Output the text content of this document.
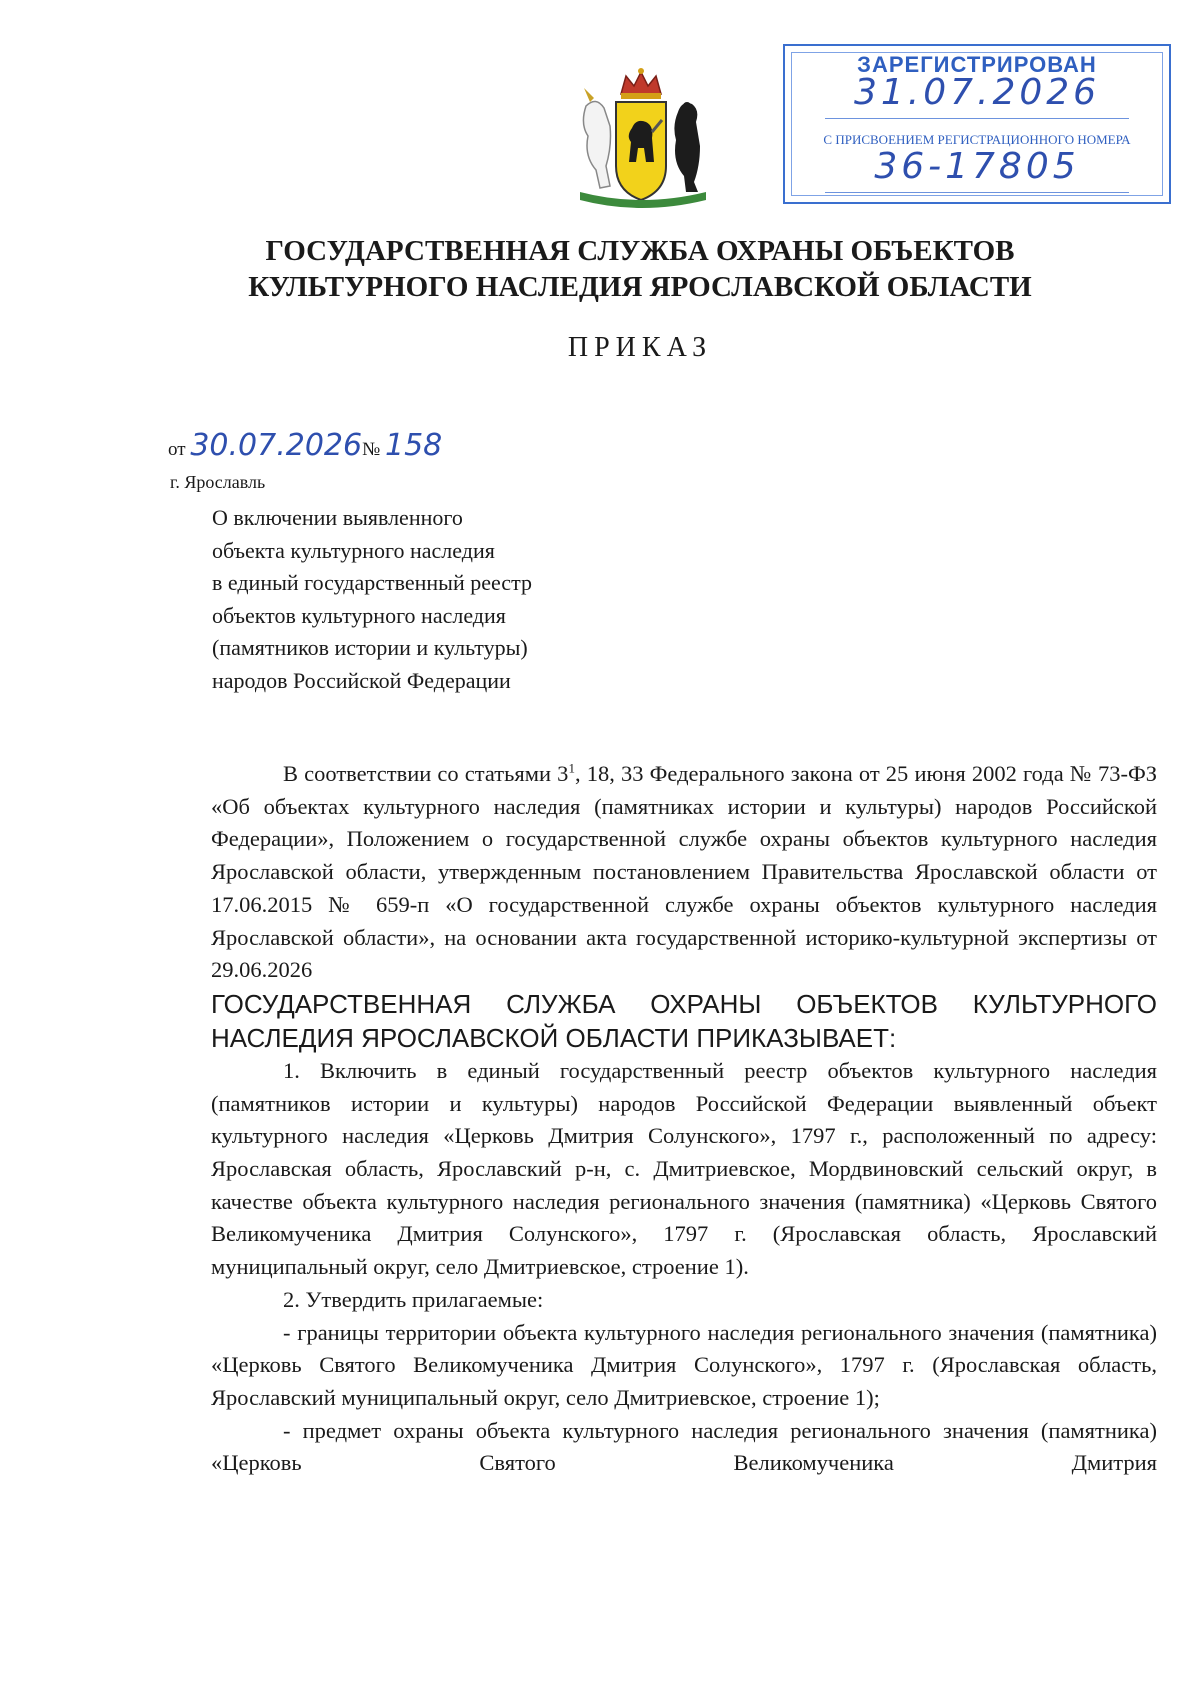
ЗАРЕГИСТРИРОВАН
31.07.2026
С ПРИСВОЕНИЕМ РЕГИСТРАЦИОННОГО НОМЕРА
36-17805
ГОСУДАРСТВЕННАЯ СЛУЖБА ОХРАНЫ ОБЪЕКТОВ
КУЛЬТУРНОГО НАСЛЕДИЯ ЯРОСЛАВСКОЙ ОБЛАСТИ
ПРИКАЗ
от 30.07.2026№ 158
г. Ярославль
О включении выявленного
объекта культурного наследия
в единый государственный реестр
объектов культурного наследия
(памятников истории и культуры)
народов Российской Федерации

В соответствии со статьями $3^1$, 18, 33 Федерального закона от 25 июня 2002 года № 73-ФЗ «Об объектах культурного наследия (памятниках истории и культуры) народов Российской Федерации», Положением о государственной службе охраны объектов культурного наследия Ярославской области, утвержденным постановлением Правительства Ярославской области от 17.06.2015 № 659-п «О государственной службе охраны объектов культурного наследия Ярославской области», на основании акта государственной историко-культурной экспертизы от 29.06.2026

ГОСУДАРСТВЕННАЯ СЛУЖБА ОХРАНЫ ОБЪЕКТОВ КУЛЬТУРНОГО НАСЛЕДИЯ ЯРОСЛАВСКОЙ ОБЛАСТИ ПРИКАЗЫВАЕТ:

1. Включить в единый государственный реестр объектов культурного наследия (памятников истории и культуры) народов Российской Федерации выявленный объект культурного наследия «Церковь Дмитрия Солунского», 1797 г., расположенный по адресу: Ярославская область, Ярославский р-н, с. Дмитриевское, Мордвиновский сельский округ, в качестве объекта культурного наследия регионального значения (памятника) «Церковь Святого Великомученика Дмитрия Солунского», 1797 г. (Ярославская область, Ярославский муниципальный округ, село Дмитриевское, строение 1).

2. Утвердить прилагаемые:

- границы территории объекта культурного наследия регионального значения (памятника) «Церковь Святого Великомученика Дмитрия Солунского», 1797 г. (Ярославская область, Ярославский муниципальный округ, село Дмитриевское, строение 1);

- предмет охраны объекта культурного наследия регионального значения (памятника) «Церковь Святого Великомученика Дмитрия
